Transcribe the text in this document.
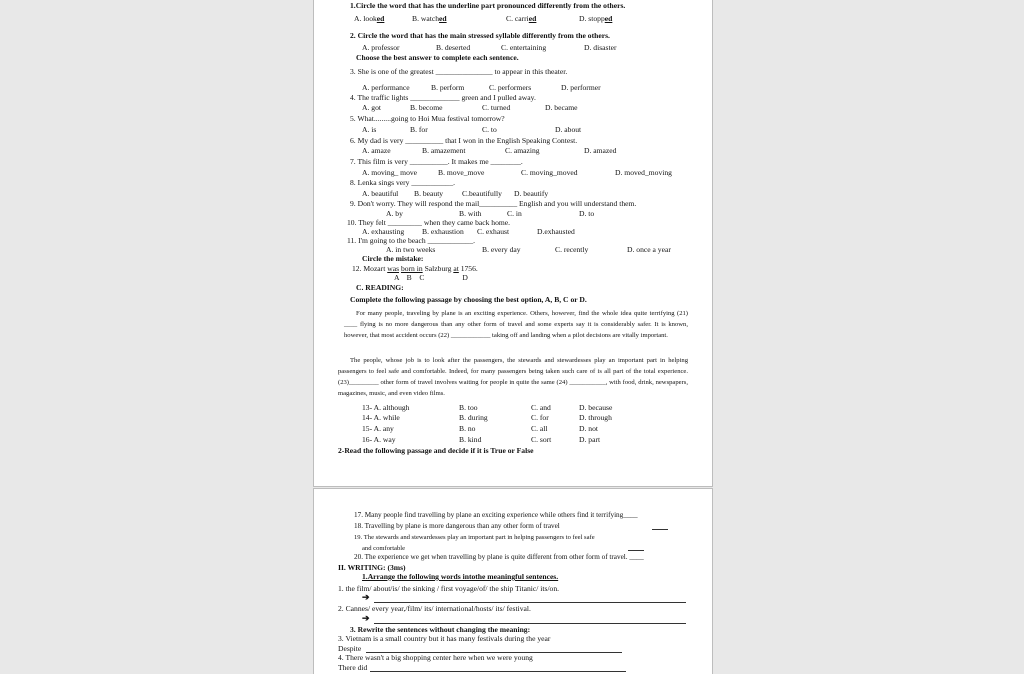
1.Circle the word that has the underline part pronounced differently from the others.
A. looked	B. watched	C. carried	D. stopped
2. Circle the word that has the main stressed syllable differently from the others.
A. professor	B. deserted	C. entertaining	D. disaster
Choose the best answer to complete each sentence.
3. She is one of the greatest _______________ to appear in this theater.
A. performance	B. perform	C. performers	D. performer
4. The traffic lights _____________ green and I pulled away.
A. got	B. become	C. turned	D. became
5. What.........going to Hoi Mua festival tomorrow?
A. is	B. for	C. to	D. about
6. My dad is very __________ that I won in the English Speaking Contest.
A. amaze	B. amazement	C. amazing	D. amazed
7. This film is very __________. It makes me ________.
A. moving_ move	B. move_move	C. moving_moved	D. moved_moving
8. Lenka sings very ___________.
A. beautiful B. beauty C.beautifully D. beautify
9. Don't worry. They will respond the mail__________ English and you will understand them.
A. by	B. with	C. in	D. to
10. They felt _________ when they came back home.
A. exhausting B. exhaustion C. exhaust	D.exhausted
11. I'm going to the beach ____________.
A. in two weeks	B. every day	C. recently	D. once a year
Circle the mistake:
12. Mozart was born in Salzburg at 1756.
A    B    C                    D
C. READING:
Complete the following passage by choosing the best option, A, B, C or D.
For many people, traveling by plane is an exciting experience. Others, however, find the whole idea quite terrifying (21) ____ flying is no more dangerous than any other form of travel and some experts say it is considerably safer. It is known, however, that most accident occurs (22) ____________ taking off and landing when a pilot decisions are vitally important.
The people, whose job is to look after the passengers, the stewards and stewardesses play an important part in helping passengers to feel safe and comfortable. Indeed, for many passengers being taken such care of is all part of the total experience. (23)_________ other form of travel involves waiting for people in quite the same (24) ___________, with food, drink, newspapers, magazines, music, and even video films.
13- A. although	B. too	C. and	D. because
14- A. while	B. during	C. for	D. through
15- A. any	B. no	C. all	D. not
16- A. way	B. kind	C. sort	D. part
2-Read the following passage and decide if it is True or False
17. Many people find travelling by plane an exciting experience while others find it terrifying____
18. Travelling by plane is more dangerous than any other form of travel
19. The stewards and stewardesses play an important part in helping passengers to feel safe
and comfortable
20. The experience we get when travelling by plane is quite different from other form of travel. ____
II. WRITING: (3ms)
1.Arrange the following words intothe meaningful sentences.
1. the film/ about/is/ the sinking / first voyage/of/ the ship Titanic/ its/on.
➔
2. Cannes/ every year,/film/ its/ international/hosts/ its/ festival.
➔
3. Rewrite the sentences without changing the meaning:
3. Vietnam is a small country but it has many festivals during the year
Despite
4. There wasn't a big shopping center here when we were young
There did
